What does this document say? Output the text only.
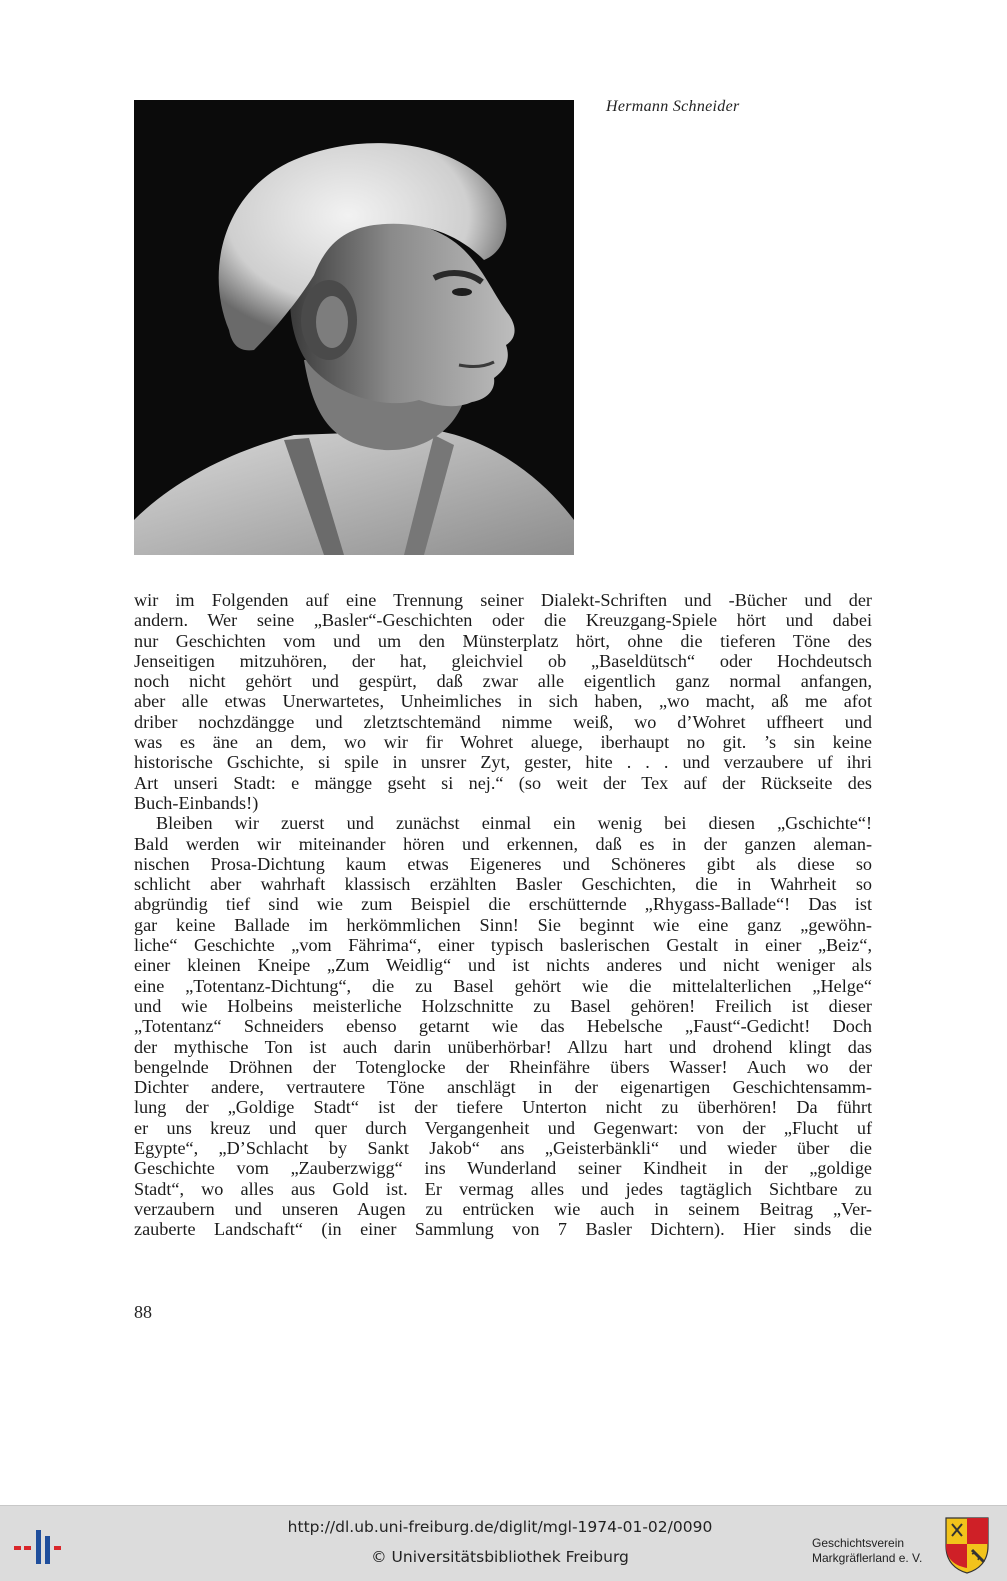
Hermann Schneider
wir im Folgenden auf eine Trennung seiner Dialekt-Schriften und -Bücher und der
andern. Wer seine „Basler“-Geschichten oder die Kreuzgang-Spiele hört und dabei
nur Geschichten vom und um den Münsterplatz hört, ohne die tieferen Töne des
Jenseitigen mitzuhören, der hat, gleichviel ob „Baseldütsch“ oder Hochdeutsch
noch nicht gehört und gespürt, daß zwar alle eigentlich ganz normal anfangen,
aber alle etwas Unerwartetes, Unheimliches in sich haben, „wo macht, aß me afot
driber nochzdängge und zletztschtemänd nimme weiß, wo d’Wohret uffheert und
was es äne an dem, wo wir fir Wohret aluege, iberhaupt no git. ’s sin keine
historische Gschichte, si spile in unsrer Zyt, gester, hite . . . und verzaubere uf ihri
Art unseri Stadt: e mängge gseht si nej.“ (so weit der Tex auf der Rückseite des
Buch-Einbands!)
Bleiben wir zuerst und zunächst einmal ein wenig bei diesen „Gschichte“!
Bald werden wir miteinander hören und erkennen, daß es in der ganzen aleman-
nischen Prosa-Dichtung kaum etwas Eigeneres und Schöneres gibt als diese so
schlicht aber wahrhaft klassisch erzählten Basler Geschichten, die in Wahrheit so
abgründig tief sind wie zum Beispiel die erschütternde „Rhygass-Ballade“! Das ist
gar keine Ballade im herkömmlichen Sinn! Sie beginnt wie eine ganz „gewöhn-
liche“ Geschichte „vom Fährima“, einer typisch baslerischen Gestalt in einer „Beiz“,
einer kleinen Kneipe „Zum Weidlig“ und ist nichts anderes und nicht weniger als
eine „Totentanz-Dichtung“, die zu Basel gehört wie die mittelalterlichen „Helge“
und wie Holbeins meisterliche Holzschnitte zu Basel gehören! Freilich ist dieser
„Totentanz“ Schneiders ebenso getarnt wie das Hebelsche „Faust“-Gedicht! Doch
der mythische Ton ist auch darin unüberhörbar! Allzu hart und drohend klingt das
bengelnde Dröhnen der Totenglocke der Rheinfähre übers Wasser! Auch wo der
Dichter andere, vertrautere Töne anschlägt in der eigenartigen Geschichtensamm-
lung der „Goldige Stadt“ ist der tiefere Unterton nicht zu überhören! Da führt
er uns kreuz und quer durch Vergangenheit und Gegenwart: von der „Flucht uf
Egypte“, „D’Schlacht by Sankt Jakob“ ans „Geisterbänkli“ und wieder über die
Geschichte vom „Zauberzwigg“ ins Wunderland seiner Kindheit in der „goldige
Stadt“, wo alles aus Gold ist. Er vermag alles und jedes tagtäglich Sichtbare zu
verzaubern und unseren Augen zu entrücken wie auch in seinem Beitrag „Ver-
zauberte Landschaft“ (in einer Sammlung von 7 Basler Dichtern). Hier sinds die
88
http://dl.ub.uni-freiburg.de/diglit/mgl-1974-01-02/0090
© Universitätsbibliothek Freiburg
Geschichtsverein
Markgräflerland e. V.
